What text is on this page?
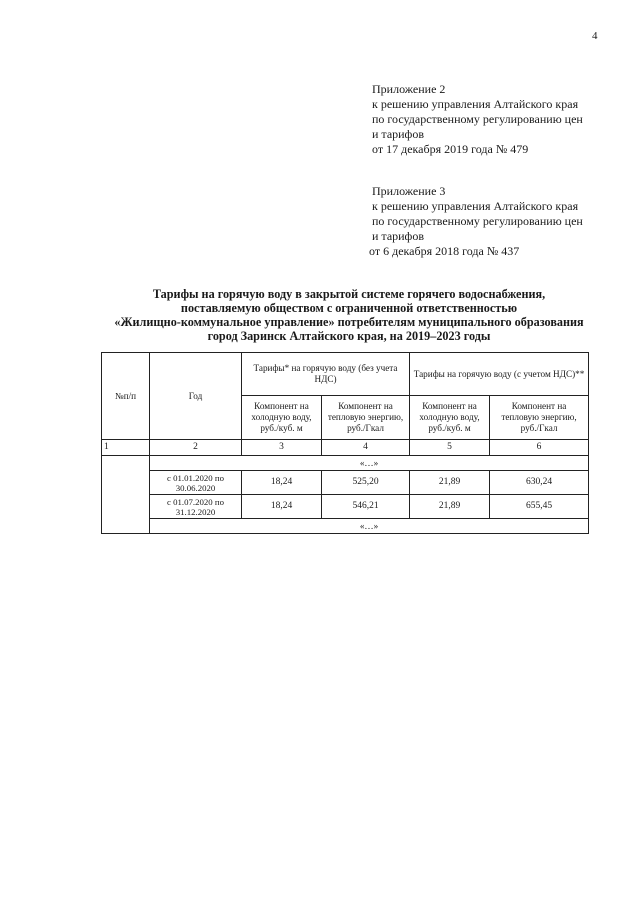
4
Приложение 2
к решению управления Алтайского края
по государственному регулированию цен
и тарифов
от 17 декабря 2019 года № 479
Приложение 3
к решению управления Алтайского края
по государственному регулированию цен
и тарифов
от 6 декабря 2018 года № 437
Тарифы на горячую воду в закрытой системе горячего водоснабжения,
поставляемую обществом с ограниченной ответственностью
«Жилищно-коммунальное управление» потребителям муниципального образования
город Заринск Алтайского края, на 2019–2023 годы
№п/п	Год	Тарифы* на горячую воду (без учета НДС)		Тарифы на горячую воду (с учетом НДС)**	
		Компонент на холодную воду, руб./куб. м	Компонент на тепловую энергию, руб./Гкал	Компонент на холодную воду, руб./куб. м	Компонент на тепловую энергию, руб./Гкал
1	2	3	4	5	6
	«…»				
	с 01.01.2020 по 30.06.2020	18,24	525,20	21,89	630,24
	с 01.07.2020 по 31.12.2020	18,24	546,21	21,89	655,45
	«…»				
